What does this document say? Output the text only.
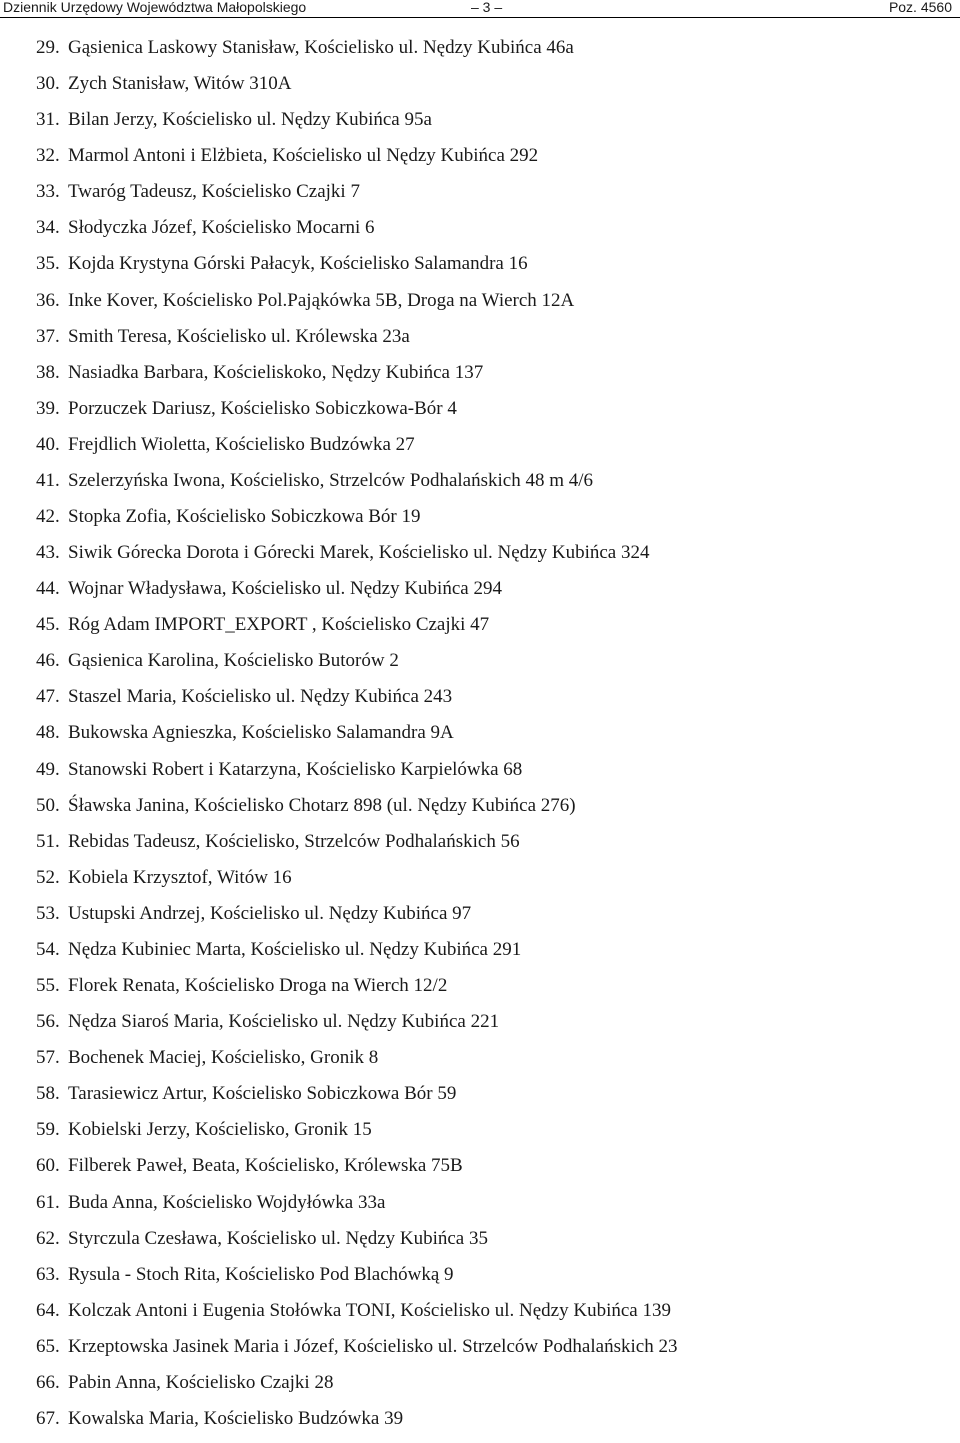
Dziennik Urzędowy Województwa Małopolskiego	– 3 –	Poz. 4560
29. Gąsienica Laskowy Stanisław, Kościelisko ul. Nędzy Kubińca 46a
30. Zych Stanisław, Witów 310A
31. Bilan Jerzy, Kościelisko ul. Nędzy Kubińca 95a
32. Marmol Antoni i Elżbieta, Kościelisko ul Nędzy Kubińca 292
33. Twaróg Tadeusz, Kościelisko Czajki 7
34. Słodyczka Józef, Kościelisko Mocarni 6
35. Kojda Krystyna Górski Pałacyk, Kościelisko Salamandra 16
36. Inke Kover, Kościelisko Pol.Pająkówka 5B, Droga na Wierch 12A
37. Smith Teresa, Kościelisko ul. Królewska 23a
38. Nasiadka Barbara, Kościeliskoko, Nędzy Kubińca 137
39. Porzuczek Dariusz, Kościelisko Sobiczkowa-Bór 4
40. Frejdlich Wioletta, Kościelisko Budzówka 27
41. Szelerzyńska Iwona, Kościelisko, Strzelców Podhalańskich 48 m 4/6
42. Stopka Zofia, Kościelisko Sobiczkowa Bór 19
43. Siwik Górecka Dorota i Górecki Marek, Kościelisko ul. Nędzy Kubińca 324
44. Wojnar Władysława, Kościelisko ul. Nędzy Kubińca 294
45. Róg Adam IMPORT_EXPORT , Kościelisko Czajki 47
46. Gąsienica Karolina, Kościelisko Butorów 2
47. Staszel Maria, Kościelisko ul. Nędzy Kubińca 243
48. Bukowska Agnieszka, Kościelisko Salamandra 9A
49. Stanowski Robert i Katarzyna, Kościelisko Karpielówka 68
50. Śławska Janina, Kościelisko Chotarz 898 (ul. Nędzy Kubińca 276)
51. Rebidas Tadeusz, Kościelisko, Strzelców Podhalańskich 56
52. Kobiela Krzysztof, Witów 16
53. Ustupski Andrzej, Kościelisko ul. Nędzy Kubińca 97
54. Nędza Kubiniec Marta, Kościelisko ul. Nędzy Kubińca 291
55. Florek Renata, Kościelisko Droga na Wierch 12/2
56. Nędza Siaroś Maria, Kościelisko ul. Nędzy Kubińca 221
57. Bochenek Maciej, Kościelisko, Gronik 8
58. Tarasiewicz Artur, Kościelisko Sobiczkowa Bór 59
59. Kobielski Jerzy, Kościelisko, Gronik 15
60. Filberek Paweł, Beata, Kościelisko, Królewska 75B
61. Buda Anna, Kościelisko Wojdyłówka 33a
62. Styrczula Czesława, Kościelisko ul. Nędzy Kubińca 35
63. Rysula - Stoch Rita, Kościelisko Pod Blachówką 9
64. Kolczak Antoni i Eugenia Stołówka TONI, Kościelisko ul. Nędzy Kubińca 139
65. Krzeptowska Jasinek Maria i Józef, Kościelisko ul. Strzelców Podhalańskich 23
66. Pabin Anna, Kościelisko Czajki 28
67. Kowalska Maria, Kościelisko Budzówka 39
